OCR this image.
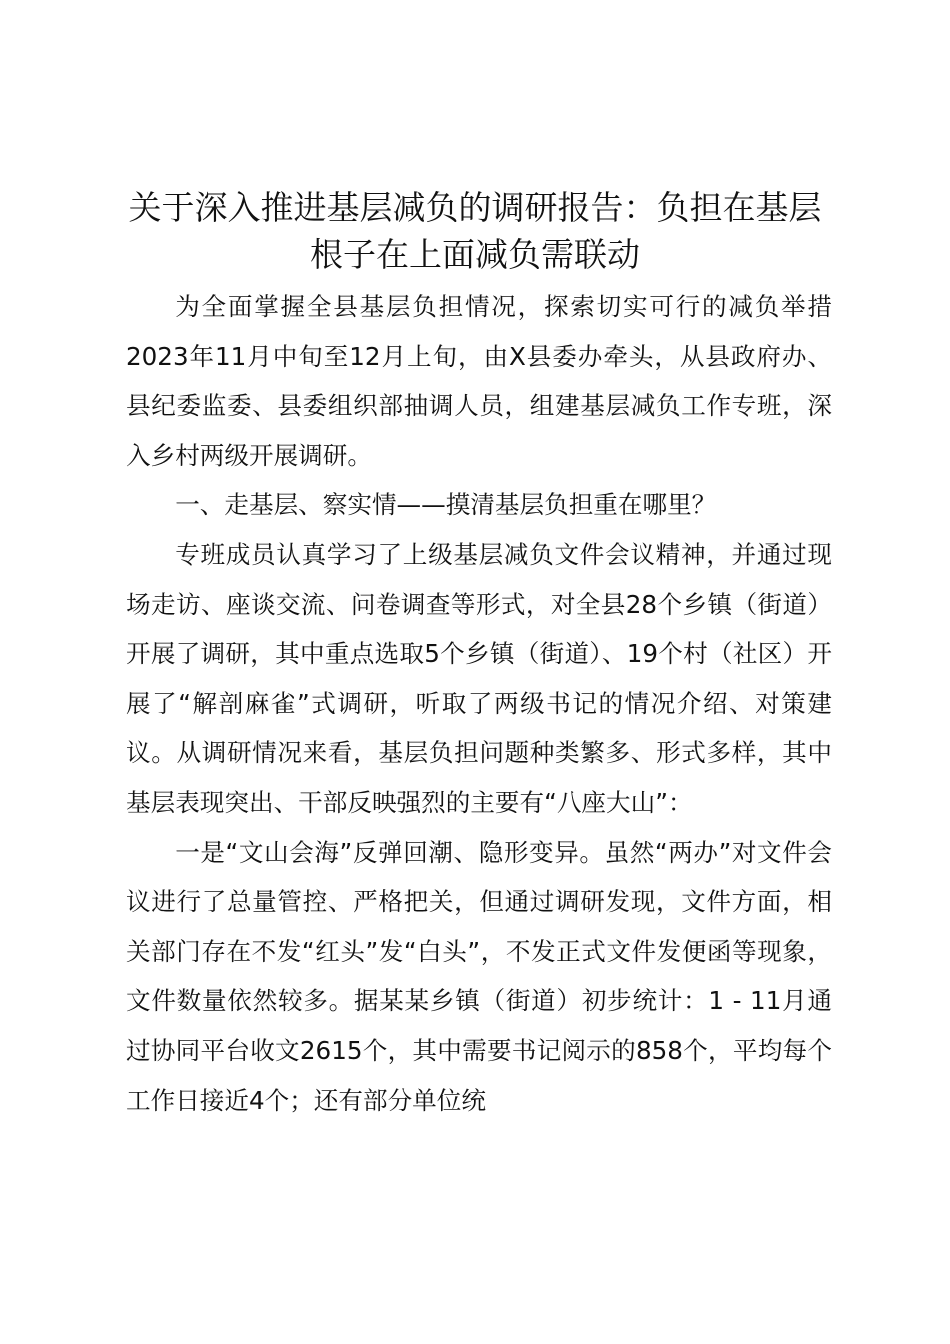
关于深入推进基层减负的调研报告：负担在基层根子在上面减负需联动

为全面掌握全县基层负担情况，探索切实可行的减负举措2023年11月中旬至12月上旬，由X县委办牵头，从县政府办、县纪委监委、县委组织部抽调人员，组建基层减负工作专班，深入乡村两级开展调研。

一、走基层、察实情——摸清基层负担重在哪里？

专班成员认真学习了上级基层减负文件会议精神，并通过现场走访、座谈交流、问卷调查等形式，对全县28个乡镇（街道）开展了调研，其中重点选取5个乡镇（街道）、19个村（社区）开展了“解剖麻雀”式调研，听取了两级书记的情况介绍、对策建议。从调研情况来看，基层负担问题种类繁多、形式多样，其中基层表现突出、干部反映强烈的主要有“八座大山”：

一是“文山会海”反弹回潮、隐形变异。虽然“两办”对文件会议进行了总量管控、严格把关，但通过调研发现，文件方面，相关部门存在不发“红头”发“白头”，不发正式文件发便函等现象，文件数量依然较多。据某某乡镇（街道）初步统计：1 - 11月通过协同平台收文2615个，其中需要书记阅示的858个，平均每个工作日接近4个；还有部分单位统
